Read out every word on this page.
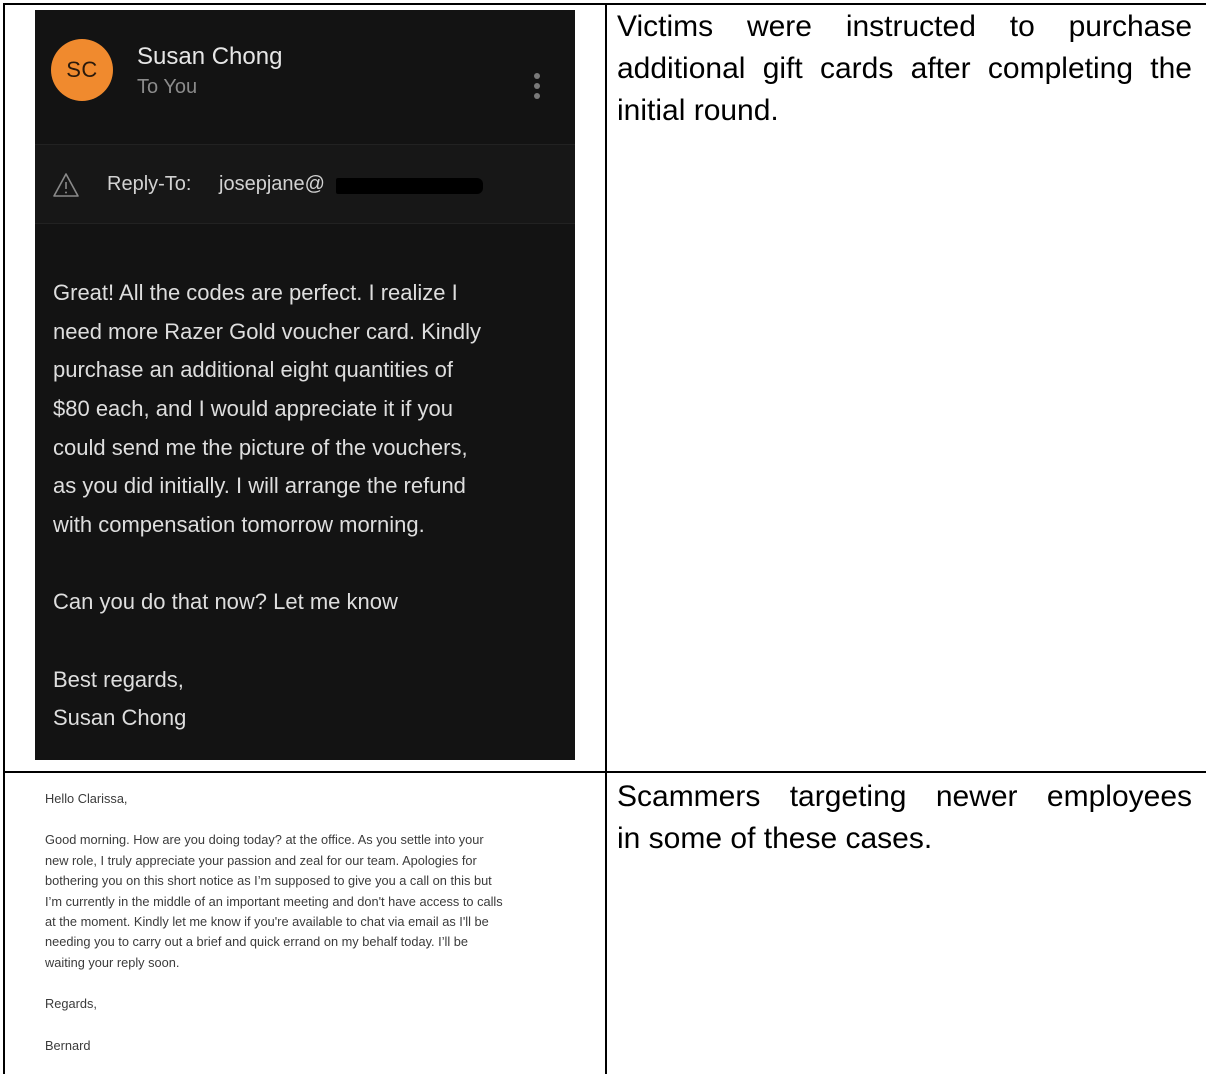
SC Susan Chong
To You
Reply-To: josepjane@
Great! All the codes are perfect. I realize I
need more Razer Gold voucher card. Kindly
purchase an additional eight quantities of
$80 each, and I would appreciate it if you
could send me the picture of the vouchers,
as you did initially. I will arrange the refund
with compensation tomorrow morning.
Can you do that now? Let me know
Best regards,
Susan Chong
Victims were instructed to purchase
additional gift cards after completing the
initial round.
Hello Clarissa,
Good morning. How are you doing today? at the office. As you settle into your
new role, I truly appreciate your passion and zeal for our team. Apologies for
bothering you on this short notice as I’m supposed to give you a call on this but
I’m currently in the middle of an important meeting and don't have access to calls
at the moment. Kindly let me know if you're available to chat via email as I'll be
needing you to carry out a brief and quick errand on my behalf today. I’ll be
waiting your reply soon.
Regards,
Bernard
Scammers targeting newer employees
in some of these cases.
